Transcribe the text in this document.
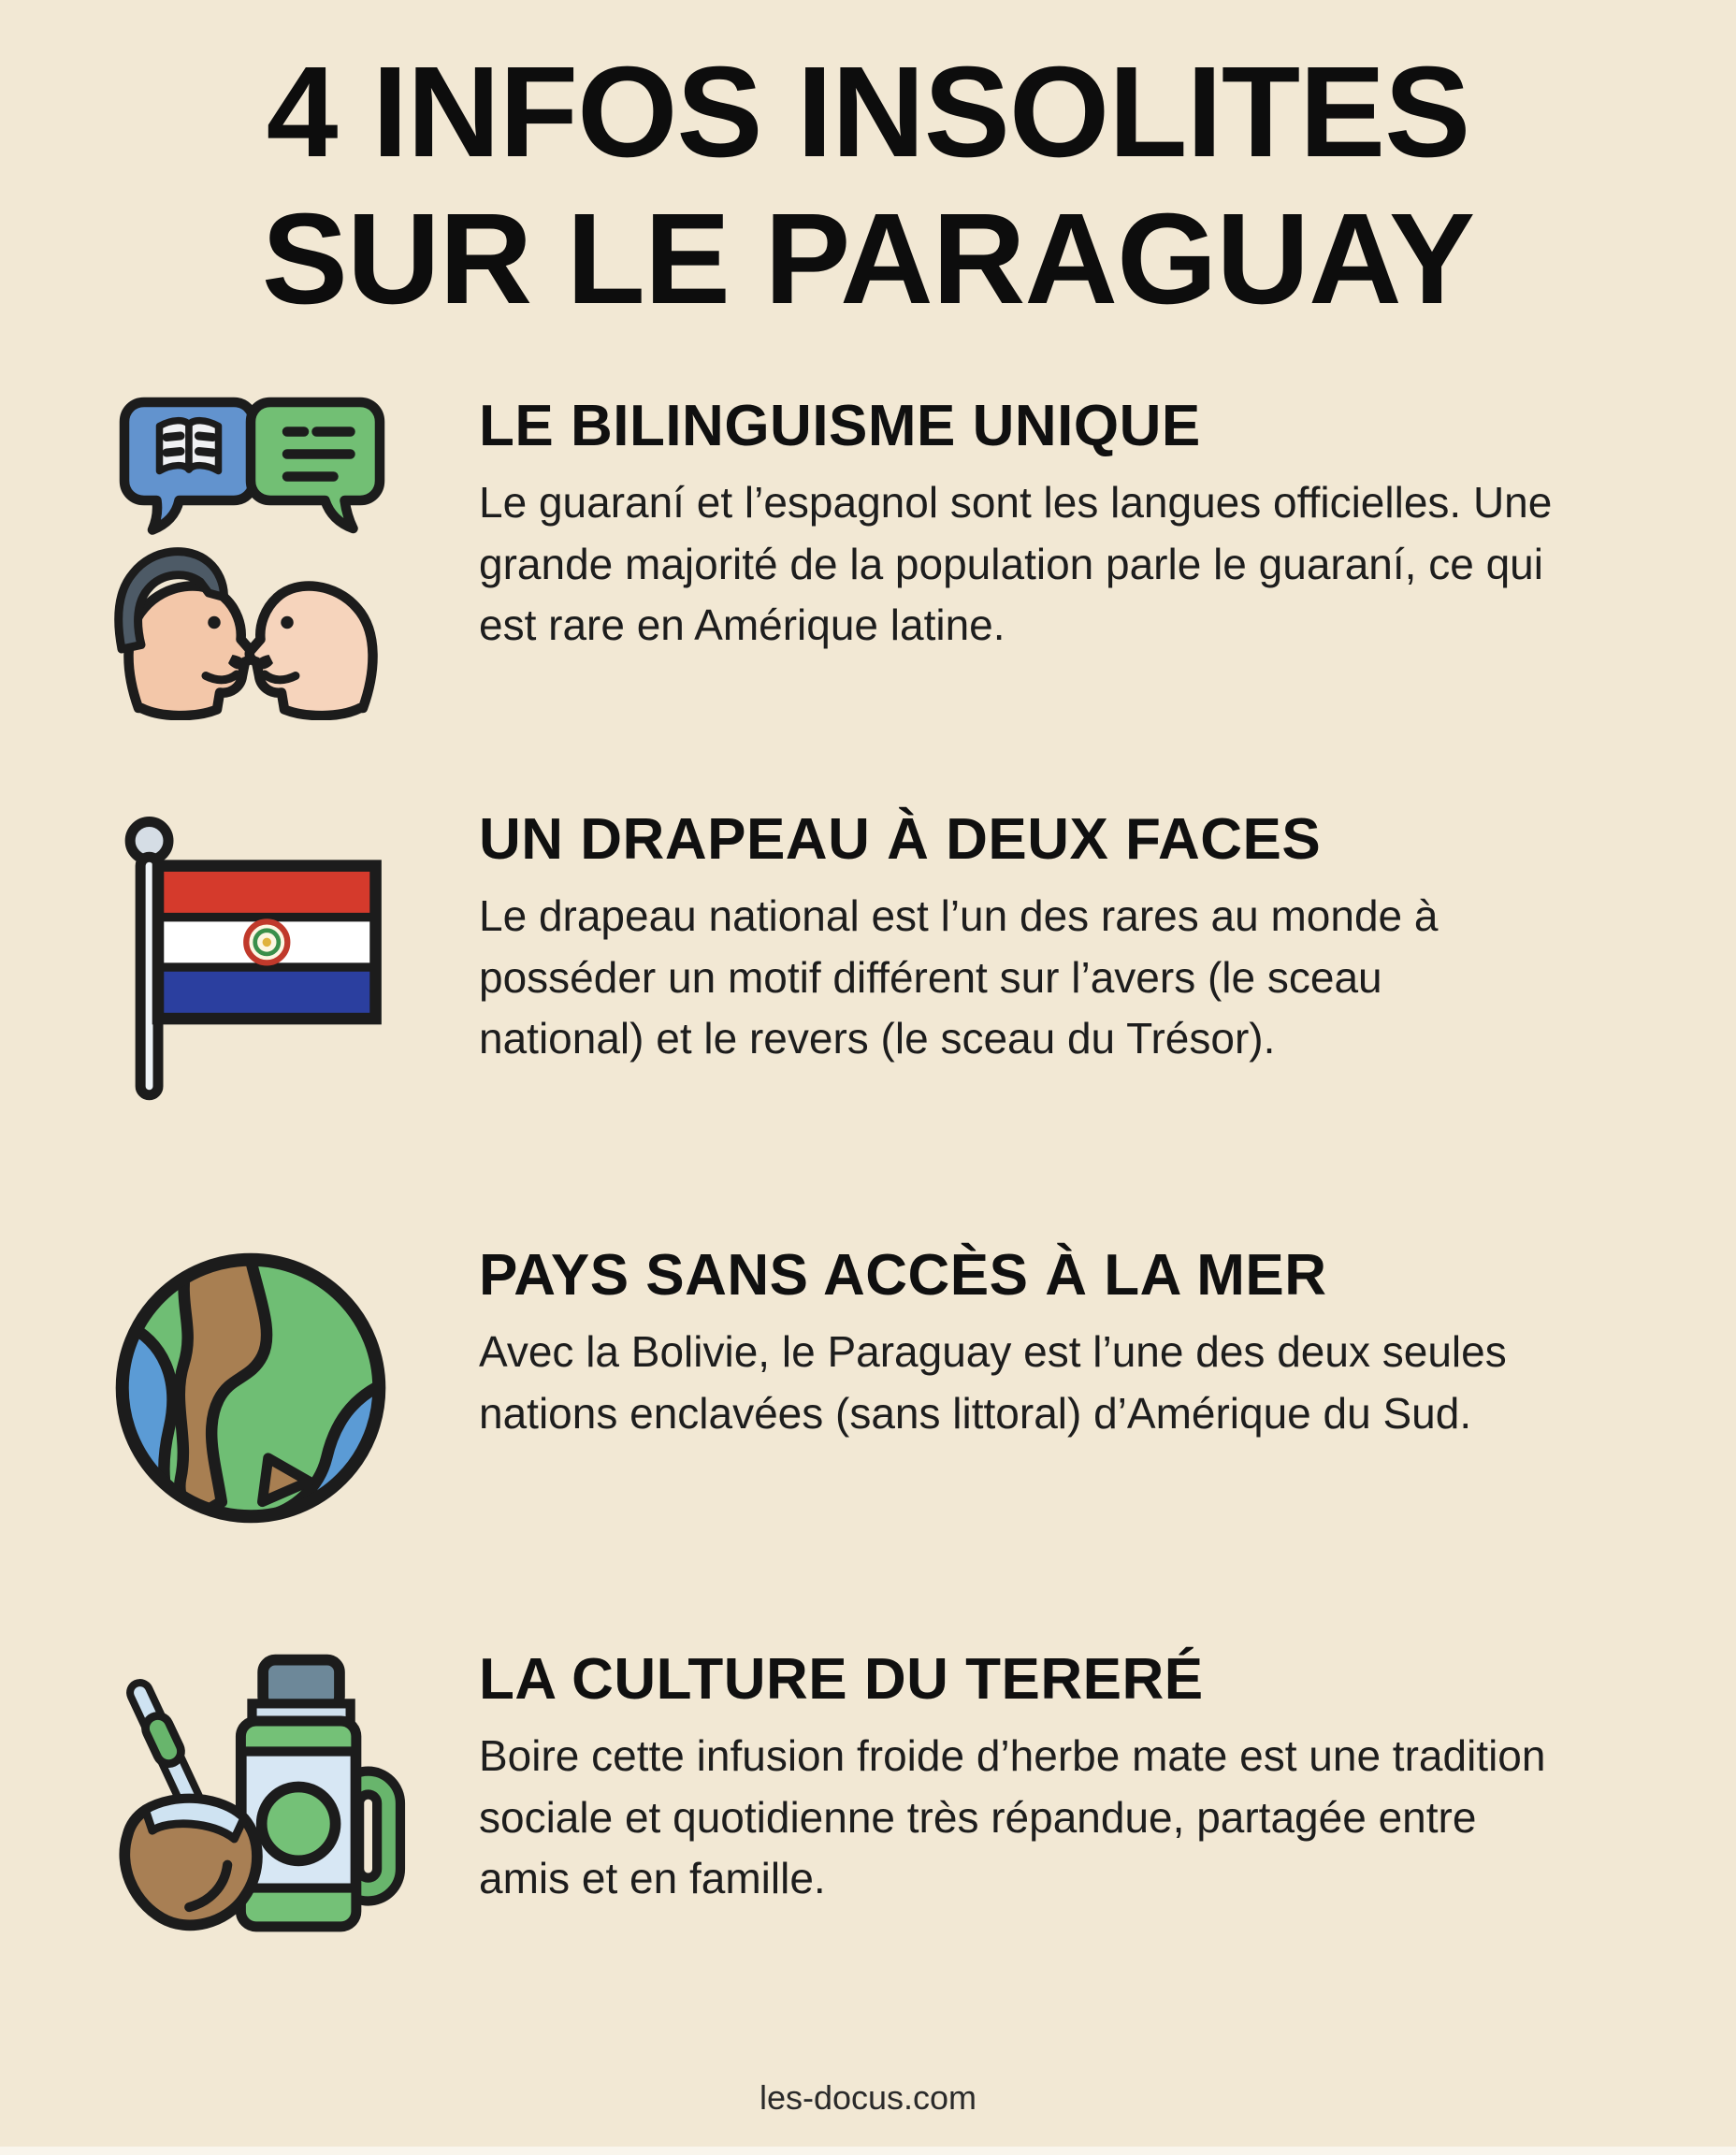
4 INFOS INSOLITES
SUR LE PARAGUAY
LE BILINGUISME UNIQUE

Le guaraní et l’espagnol sont les langues officielles. Une grande majorité de la population parle le guaraní, ce qui est rare en Amérique latine.

UN DRAPEAU À DEUX FACES

Le drapeau national est l’un des rares au monde à posséder un motif différent sur l’avers (le sceau national) et le revers (le sceau du Trésor).

PAYS SANS ACCÈS À LA MER

Avec la Bolivie, le Paraguay est l’une des deux seules nations enclavées (sans littoral) d’Amérique du Sud.

LA CULTURE DU TERERÉ

Boire cette infusion froide d’herbe mate est une tradition sociale et quotidienne très répandue, partagée entre amis et en famille.

les-docus.com
